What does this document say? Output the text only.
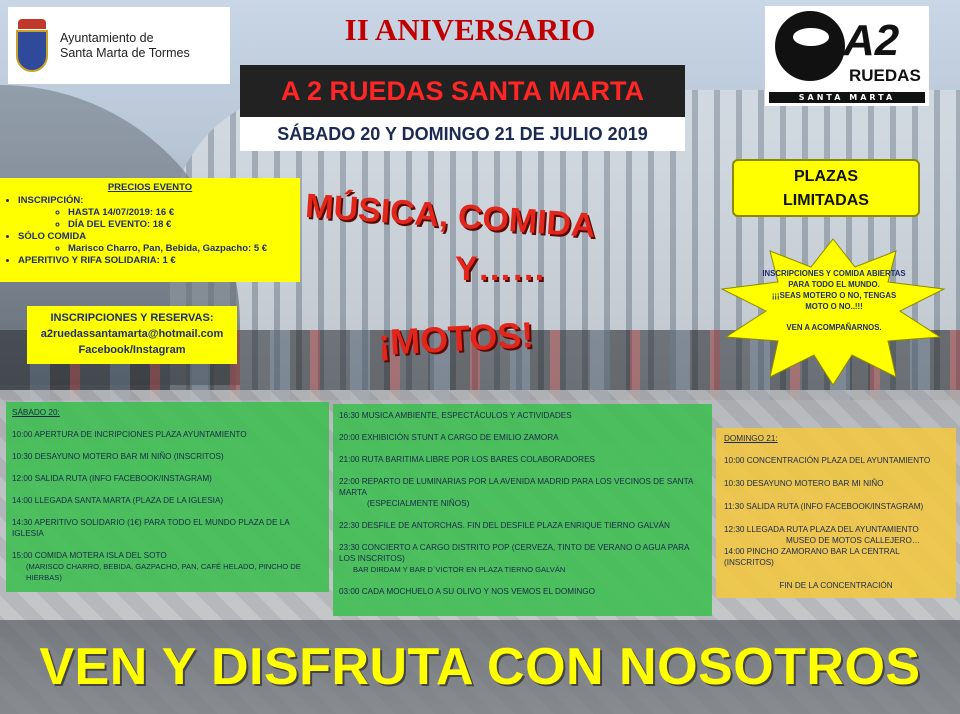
Ayuntamiento de
Santa Marta de Tormes
II ANIVERSARIO
A 2 RUEDAS SANTA MARTA
SÁBADO 20 Y DOMINGO 21 DE JULIO 2019
A2
RUEDAS
SANTA MARTA
PRECIOS EVENTO
• INSCRIPCIÓN:
◦ HASTA 14/07/2019: 16 €
◦ DÍA DEL EVENTO: 18 €
• SÓLO COMIDA
◦ Marisco Charro, Pan, Bebida, Gazpacho: 5 €
• APERITIVO Y RIFA SOLIDARIA: 1 €
INSCRIPCIONES Y RESERVAS:
a2ruedassantamarta@hotmail.com
Facebook/Instagram
MÚSICA, COMIDA
Y……
¡MOTOS!
PLAZAS
LIMITADAS
INSCRIPCIONES Y COMIDA ABIERTAS PARA TODO EL MUNDO.
¡¡¡SEAS MOTERO O NO, TENGAS MOTO O NO..!!!
VEN A ACOMPAÑARNOS.
SÁBADO 20:
10:00 APERTURA DE INCRIPCIONES PLAZA AYUNTAMIENTO
10:30 DESAYUNO MOTERO BAR MI NIÑO (INSCRITOS)
12:00 SALIDA RUTA (INFO FACEBOOK/INSTAGRAM)
14:00 LLEGADA SANTA MARTA (PLAZA DE LA IGLESIA)
14:30 APERITIVO SOLIDARIO (1€) PARA TODO EL MUNDO PLAZA DE LA IGLESIA
15:00 COMIDA MOTERA ISLA DEL SOTO
(MARISCO CHARRO, BEBIDA, GAZPACHO, PAN, CAFÉ HELADO, PINCHO DE HIERBAS)
16:30 MUSICA AMBIENTE, ESPECTÁCULOS Y ACTIVIDADES
20:00 EXHIBICIÓN STUNT A CARGO DE EMILIO ZAMORA
21:00 RUTA BARITIMA LIBRE POR LOS BARES COLABORADORES
22:00 REPARTO DE LUMINARIAS POR LA AVENIDA MADRID PARA LOS VECINOS DE SANTA MARTA
(ESPECIALMENTE NIÑOS)
22:30 DESFILE DE ANTORCHAS. FIN DEL DESFILE PLAZA ENRIQUE TIERNO GALVÁN
23:30 CONCIERTO A CARGO DISTRITO POP (CERVEZA, TINTO DE VERANO O AGUA PARA LOS INSCRITOS)
BAR DIRDAM Y BAR D´VICTOR EN PLAZA TIERNO GALVÁN
03:00 CADA MOCHUELO A SU OLIVO Y NOS VEMOS EL DOMINGO
DOMINGO 21:
10:00 CONCENTRACIÓN PLAZA DEL AYUNTAMIENTO
10:30 DESAYUNO MOTERO BAR MI NIÑO
11:30 SALIDA RUTA (INFO FACEBOOK/INSTAGRAM)
12:30 LLEGADA RUTA PLAZA DEL AYUNTAMIENTO
MUSEO DE MOTOS CALLEJERO…
14:00 PINCHO ZAMORANO BAR LA CENTRAL (INSCRITOS)
FIN DE LA CONCENTRACIÓN
VEN Y DISFRUTA CON NOSOTROS
